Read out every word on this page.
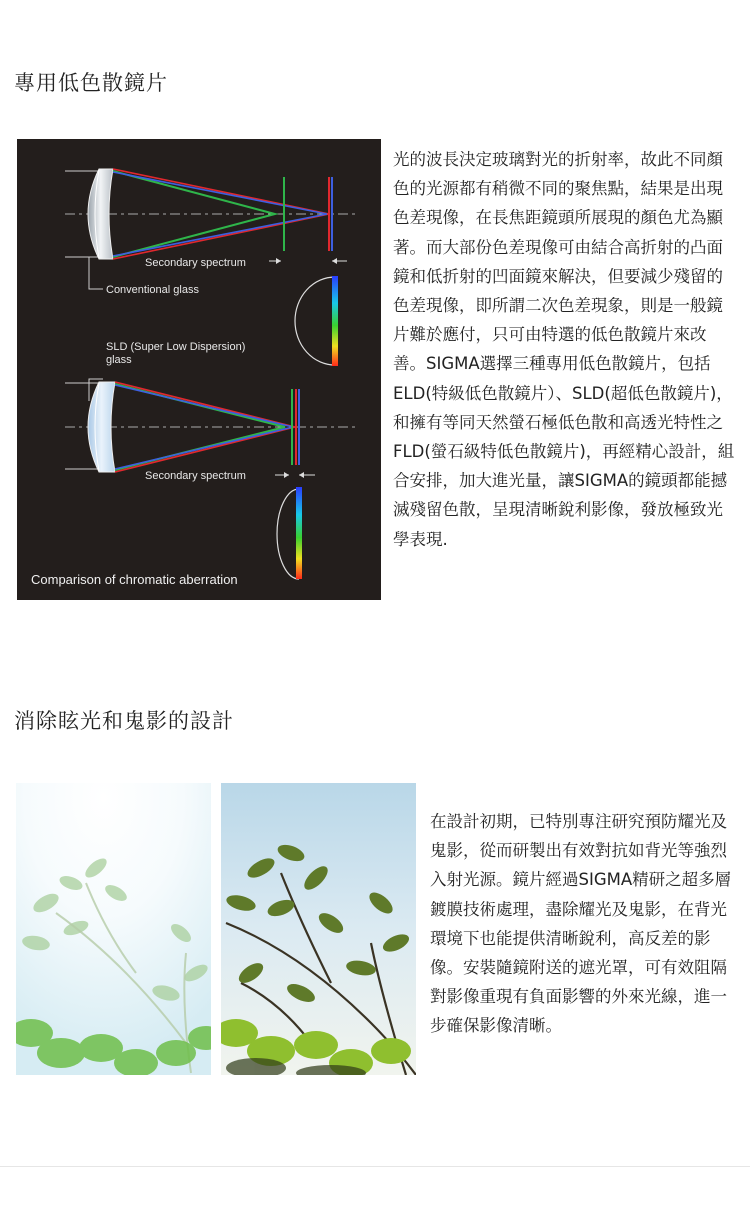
專用低色散鏡片
Secondary spectrum
Conventional glass
SLD (Super Low Dispersion)
glass
Secondary spectrum
Comparison of chromatic aberration

光的波長決定玻璃對光的折射率，故此不同顏色的光源都有稍微不同的聚焦點，結果是出現色差現像，在長焦距鏡頭所展現的顏色尤為顯著。而大部份色差現像可由結合高折射的凸面鏡和低折射的凹面鏡來解決，但要減少殘留的色差現像，即所謂二次色差現象，則是一般鏡片難於應付，只可由特選的低色散鏡片來改善。SIGMA選擇三種專用低色散鏡片，包括ELD(特級低色散鏡片）、SLD(超低色散鏡片)，和擁有等同天然螢石極低色散和高透光特性之FLD(螢石級特低色散鏡片)，再經精心設計，組合安排，加大進光量，讓SIGMA的鏡頭都能撼滅殘留色散，呈現清晰銳利影像，發放極致光學表現.

消除眩光和鬼影的設計

在設計初期，已特別專注研究預防耀光及鬼影，從而研製出有效對抗如背光等強烈入射光源。鏡片經過SIGMA精研之超多層鍍膜技術處理，盡除耀光及鬼影，在背光環境下也能提供清晰銳利，高反差的影像。安裝隨鏡附送的遮光罩，可有效阻隔對影像重現有負面影響的外來光線，進一步確保影像清晰。
